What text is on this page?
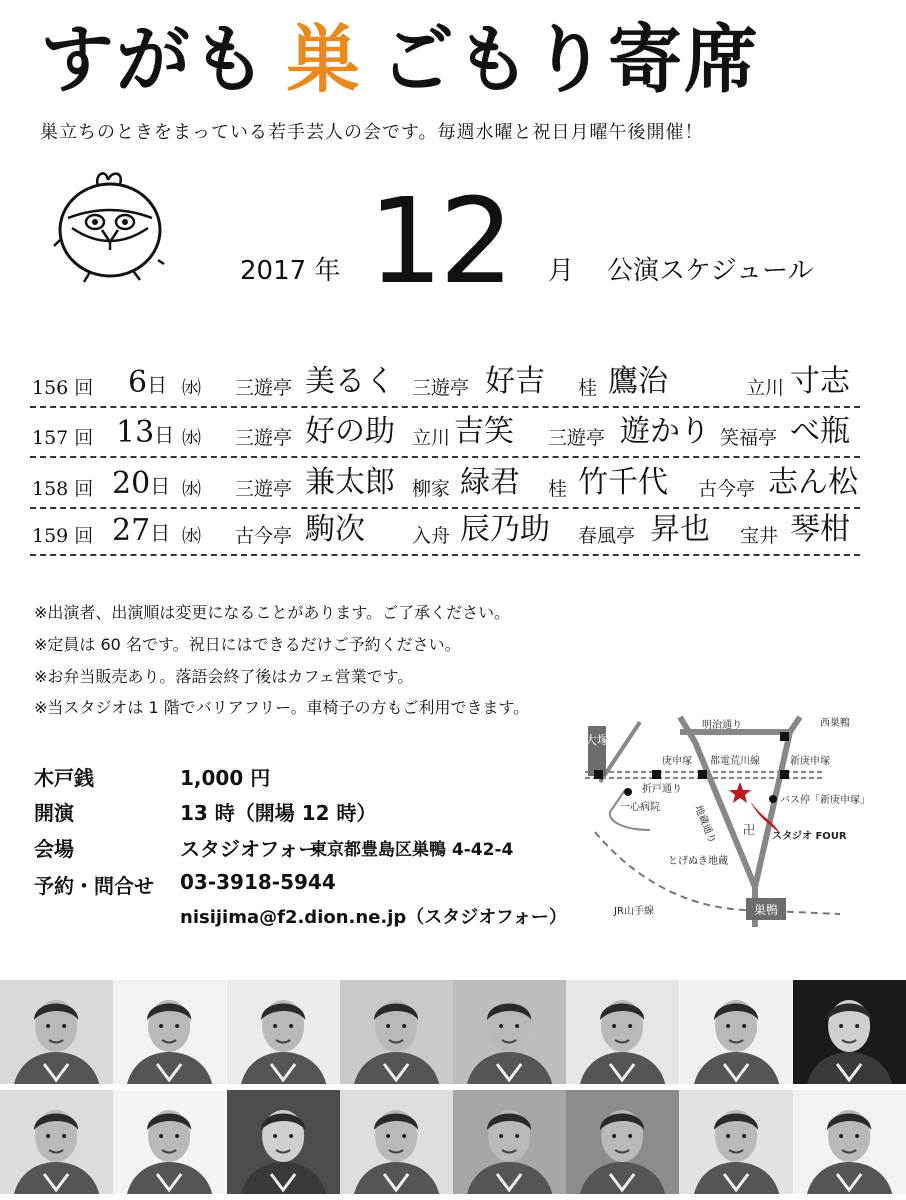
すがも 巣 ごもり寄席
巣立ちのときをまっている若手芸人の会です。毎週水曜と祝日月曜午後開催！
2017 年 12 月 公演スケジュール
156 回 6日 ㈬ 三遊亭 美るく 三遊亭 好吉 桂 鷹治	立川 寸志
157 回 13日 ㈬ 三遊亭 好の助 立川 吉笑 三遊亭 遊かり 笑福亭 べ瓶
158 回 20日 ㈬ 三遊亭 兼太郎 柳家 緑君 桂 竹千代 古今亭 志ん松
159 回 27日 ㈬ 古今亭 駒次 入舟 辰乃助 春風亭 昇也 宝井 琴柑
※出演者、出演順は変更になることがあります。ご了承ください。
※定員は 60 名です。祝日にはできるだけご予約ください。
※お弁当販売あり。落語会終了後はカフェ営業です。
※当スタジオは 1 階でバリアフリー。車椅子の方もご利用できます。
木戸銭	1,000 円
開演	13 時（開場 12 時）
会場	スタジオフォー
東京都豊島区巣鴨 4-42-4
予約・問合せ 03-3918-5944
nisijima@f2.dion.ne.jp（スタジオフォー）
大塚
巣鴨
明治通り	西巣鴨
庚申塚 都電荒川線	新庚申塚
折戸通り
一心病院	地蔵通り
バス停「新庚申塚」
スタジオ FOUR
とげぬき地蔵
卍
JR山手線
